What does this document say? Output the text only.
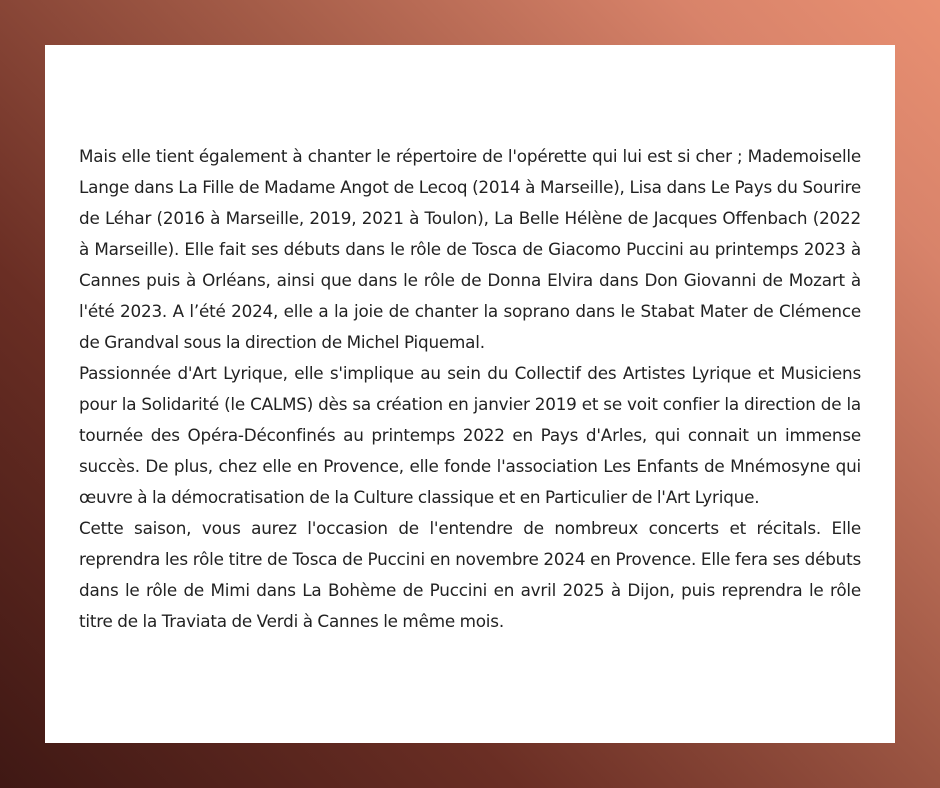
Mais elle tient également à chanter le répertoire de l'opérette qui lui est si cher ; Mademoiselle Lange dans La Fille de Madame Angot de Lecoq (2014 à Marseille), Lisa dans Le Pays du Sourire de Léhar (2016 à Marseille, 2019, 2021 à Toulon), La Belle Hélène de Jacques Offenbach (2022 à Marseille). Elle fait ses débuts dans le rôle de Tosca de Giacomo Puccini au printemps 2023 à Cannes puis à Orléans, ainsi que dans le rôle de Donna Elvira dans Don Giovanni de Mozart à l'été 2023. A l’été 2024, elle a la joie de chanter la soprano dans le Stabat Mater de Clémence de Grandval sous la direction de Michel Piquemal.

Passionnée d'Art Lyrique, elle s'implique au sein du Collectif des Artistes Lyrique et Musiciens pour la Solidarité (le CALMS) dès sa création en janvier 2019 et se voit confier la direction de la tournée des Opéra-Déconfinés au printemps 2022 en Pays d'Arles, qui connait un immense succès. De plus, chez elle en Provence, elle fonde l'association Les Enfants de Mnémosyne qui œuvre à la démocratisation de la Culture classique et en Particulier de l'Art Lyrique.

Cette saison, vous aurez l'occasion de l'entendre de nombreux concerts et récitals. Elle reprendra les rôle titre de Tosca de Puccini en novembre 2024 en Provence. Elle fera ses débuts dans le rôle de Mimi dans La Bohème de Puccini en avril 2025 à Dijon, puis reprendra le rôle titre de la Traviata de Verdi à Cannes le même mois.
